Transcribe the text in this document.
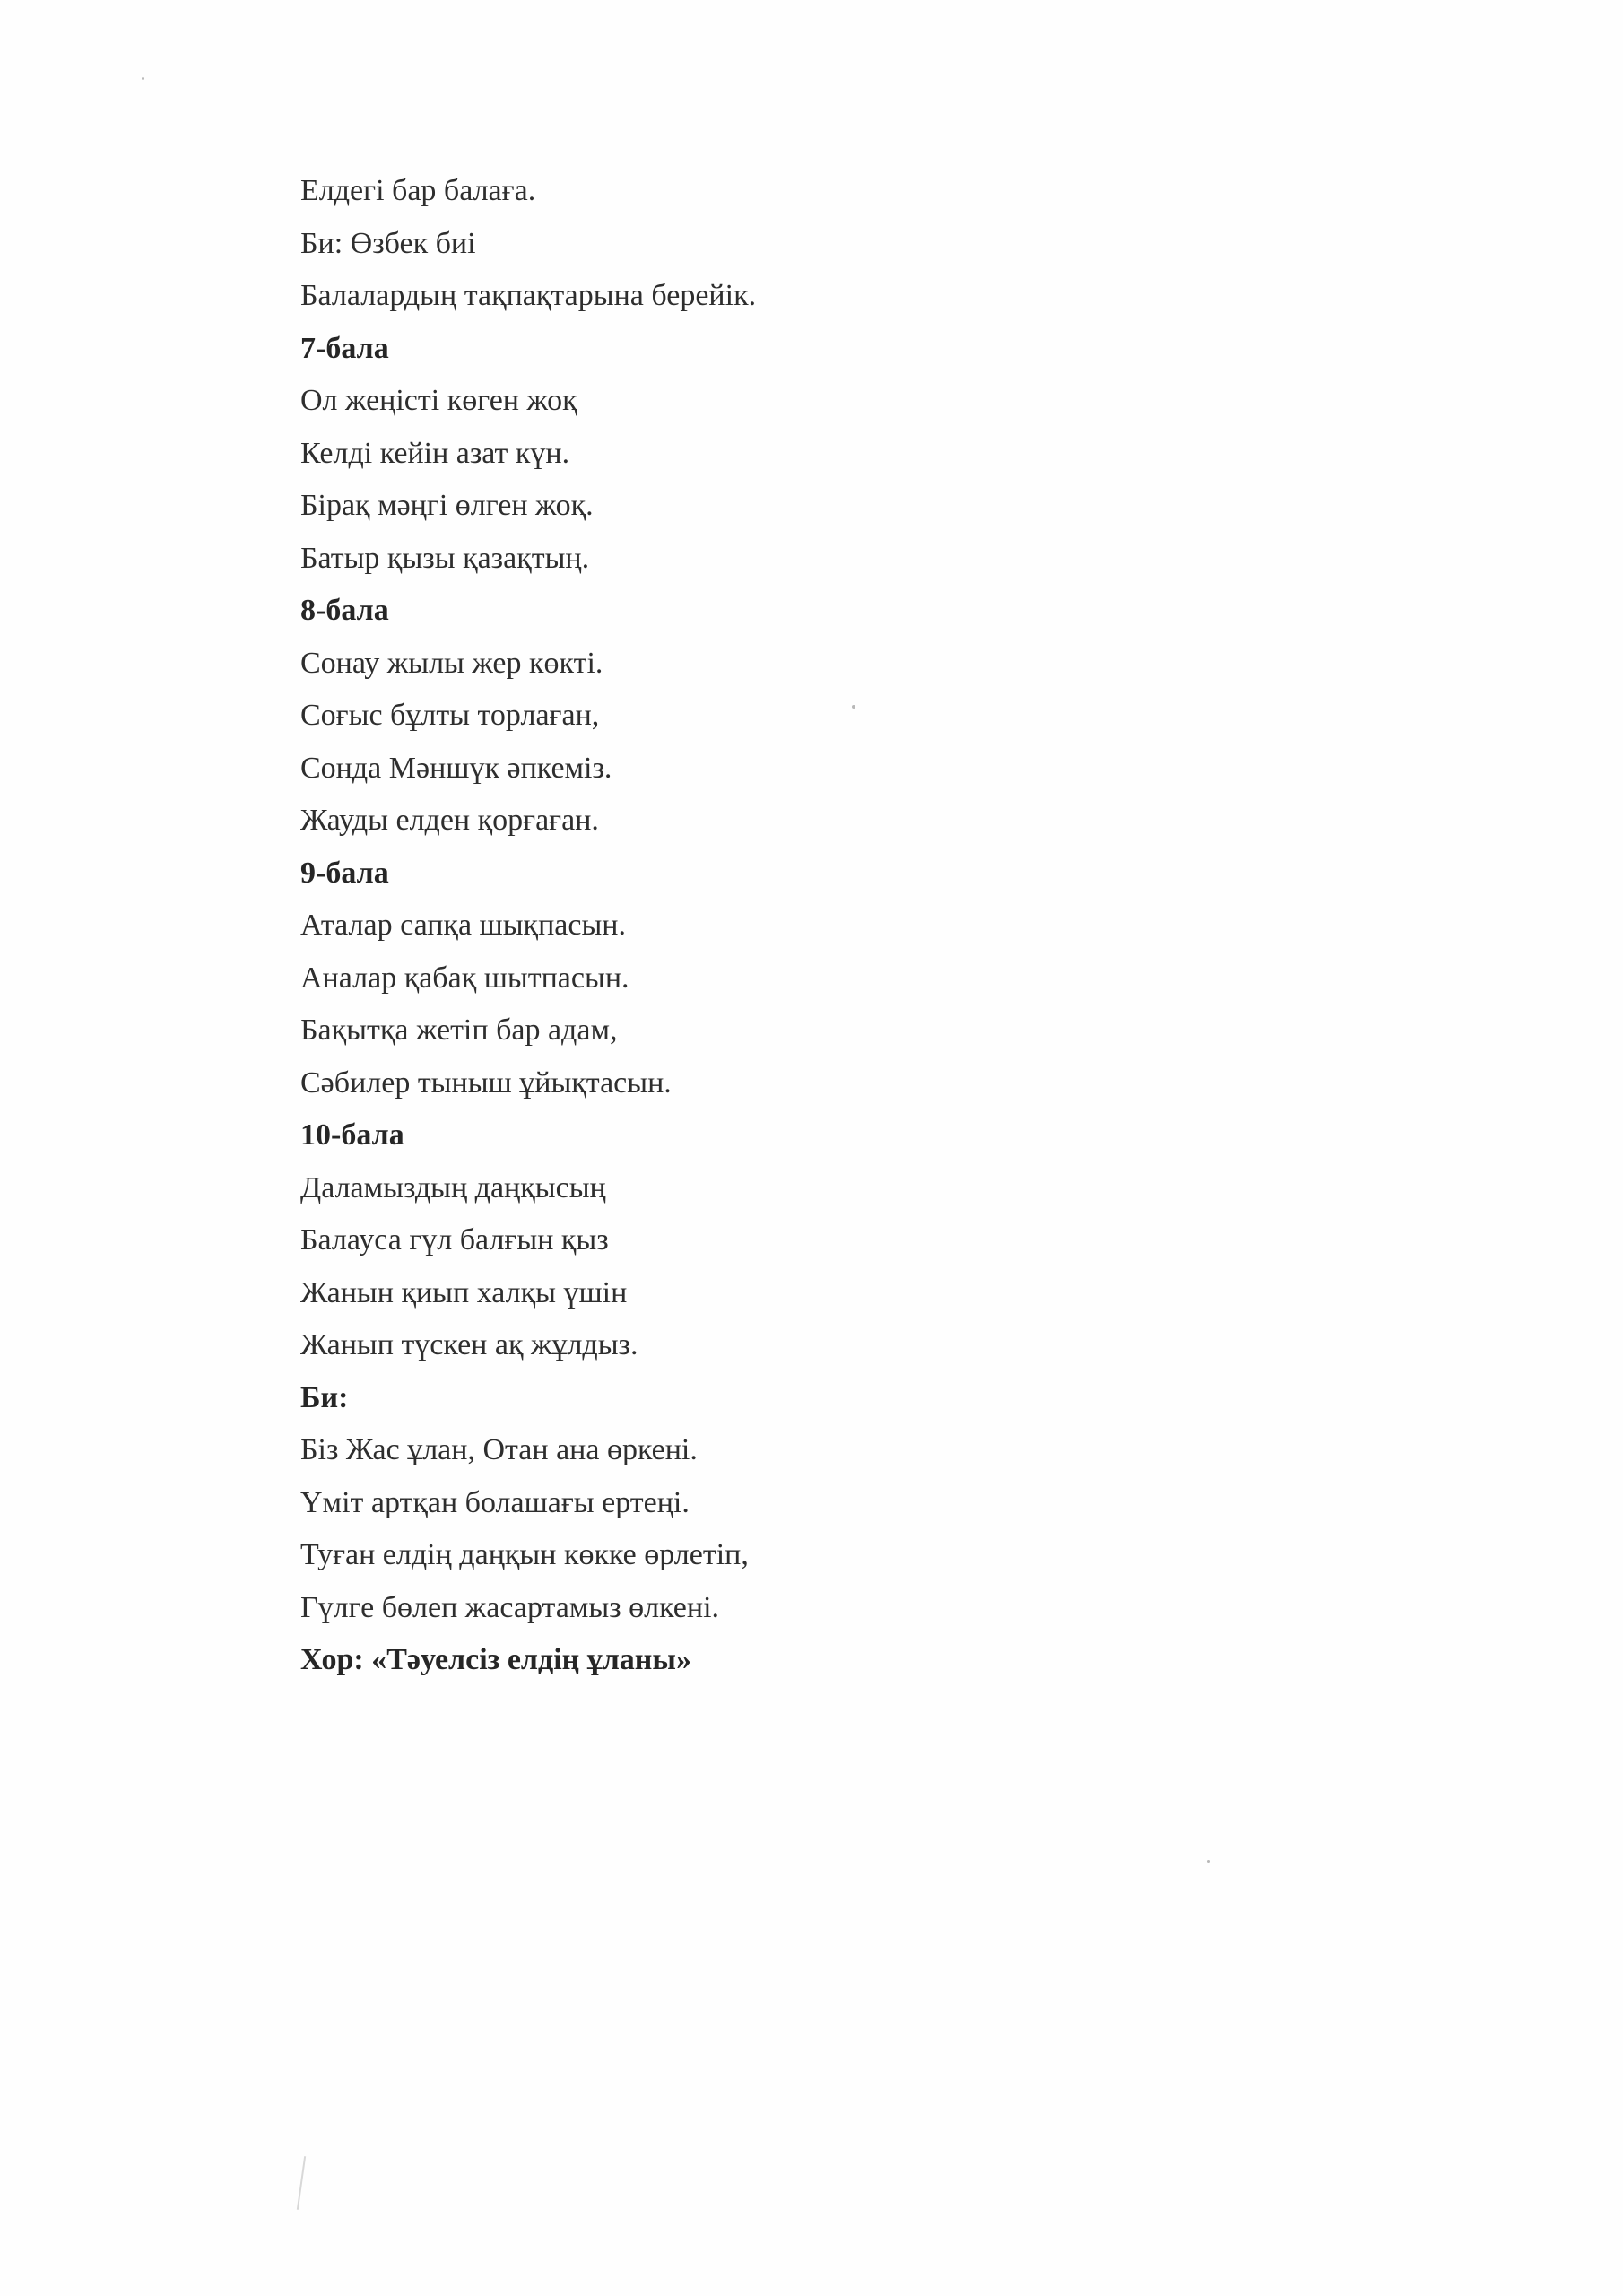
Елдегі бар балаға.
Би: Өзбек биі
Балалардың тақпақтарына берейік.
7-бала
Ол жеңісті көген жоқ
Келді кейін азат күн.
Бірақ мәңгі өлген жоқ.
Батыр қызы қазақтың.
8-бала
Сонау жылы жер көкті.
Соғыс бұлты торлаған,
Сонда Мәншүк әпкеміз.
Жауды елден қорғаған.
9-бала
Аталар сапқа шықпасын.
Аналар қабақ шытпасын.
Бақытқа жетіп бар адам,
Сәбилер тыныш ұйықтасын.
10-бала
Даламыздың даңқысың
Балауса гүл балғын қыз
Жанын қиып халқы үшін
Жанып түскен ақ жұлдыз.
Би:
Біз Жас ұлан, Отан ана өркені.
Үміт артқан болашағы ертеңі.
Туған елдің даңқын көкке өрлетіп,
Гүлге бөлеп жасартамыз өлкені.
Хор: «Тәуелсіз елдің ұланы»
